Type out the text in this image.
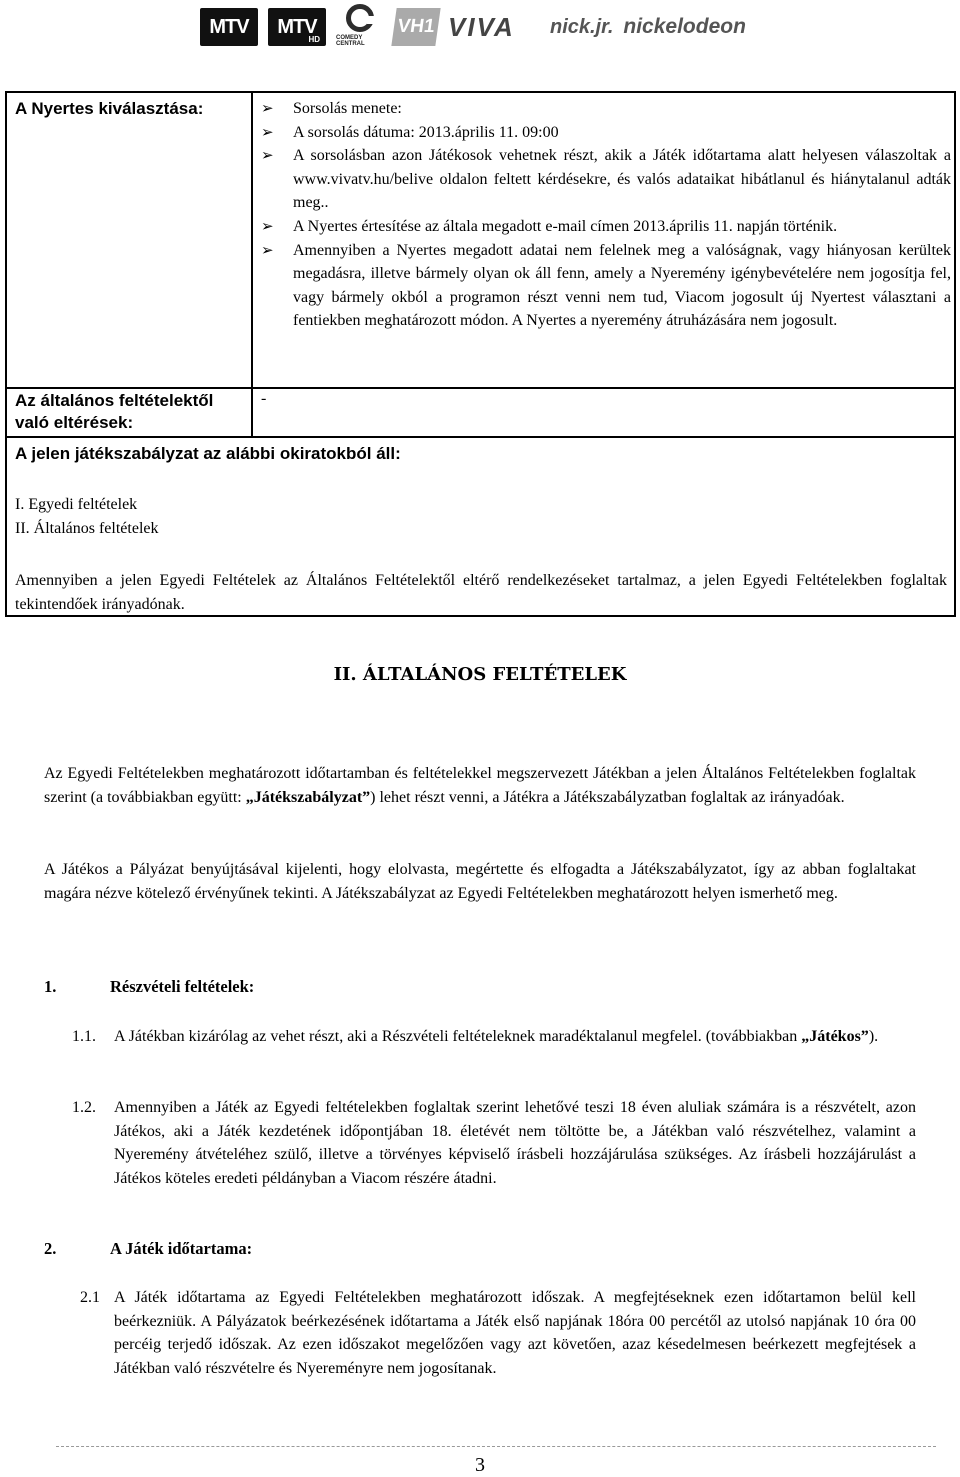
MTV MTV
HD	COMEDY CENTRAL
VH1 VIVA	nick.jr. nickelodeon
A Nyertes kiválasztása:	➢	Sorsolás menete:
➢	A sorsolás dátuma: 2013.április 11. 09:00
➢	A sorsolásban azon Játékosok vehetnek részt, akik a Játék időtartama alatt helyesen válaszoltak a www.vivatv.hu/belive oldalon feltett kérdésekre, és valós adataikat hibátlanul és hiánytalanul adták meg..
➢	A Nyertes értesítése az általa megadott e-mail címen 2013.április 11. napján történik.
➢	Amennyiben a Nyertes megadott adatai nem felelnek meg a valóságnak, vagy hiányosan kerültek megadásra, illetve bármely olyan ok áll fenn, amely a Nyeremény igénybevételére nem jogosítja fel, vagy bármely okból a programon részt venni nem tud, Viacom jogosult új Nyertest választani a fentiekben meghatározott módon. A Nyertes a nyeremény átruházására nem jogosult.
Az általános feltételektől való eltérések:
-
A jelen játékszabályzat az alábbi okiratokból áll:
I. Egyedi feltételek
II. Általános feltételek
Amennyiben a jelen Egyedi Feltételek az Általános Feltételektől eltérő rendelkezéseket tartalmaz, a jelen Egyedi Feltételekben foglaltak tekintendőek irányadónak.
II. ÁLTALÁNOS FELTÉTELEK
Az Egyedi Feltételekben meghatározott időtartamban és feltételekkel megszervezett Játékban a jelen Általános Feltételekben foglaltak szerint (a továbbiakban együtt: „Játékszabályzat”) lehet részt venni, a Játékra a Játékszabályzatban foglaltak az irányadóak.
A Játékos a Pályázat benyújtásával kijelenti, hogy elolvasta, megértette és elfogadta a Játékszabályzatot, így az abban foglaltakat magára nézve kötelező érvényűnek tekinti. A Játékszabályzat az Egyedi Feltételekben meghatározott helyen ismerhető meg.
1.	Részvételi feltételek:
1.1. A Játékban kizárólag az vehet részt, aki a Részvételi feltételeknek maradéktalanul megfelel. (továbbiakban „Játékos”).
1.2. Amennyiben a Játék az Egyedi feltételekben foglaltak szerint lehetővé teszi 18 éven aluliak számára is a részvételt, azon Játékos, aki a Játék kezdetének időpontjában 18. életévét nem töltötte be, a Játékban való részvételhez, valamint a Nyeremény átvételéhez szülő, illetve a törvényes képviselő írásbeli hozzájárulása szükséges. Az írásbeli hozzájárulást a Játékos köteles eredeti példányban a Viacom részére átadni.
2.	A Játék időtartama:
2.1 A Játék időtartama az Egyedi Feltételekben meghatározott időszak. A megfejtéseknek ezen időtartamon belül kell beérkezniük. A Pályázatok beérkezésének időtartama a Játék első napjának 18óra 00 percétől az utolsó napjának 10 óra 00 percéig terjedő időszak. Az ezen időszakot megelőzően vagy azt követően, azaz késedelmesen beérkezett megfejtések a Játékban való részvételre és Nyereményre nem jogosítanak.
3
